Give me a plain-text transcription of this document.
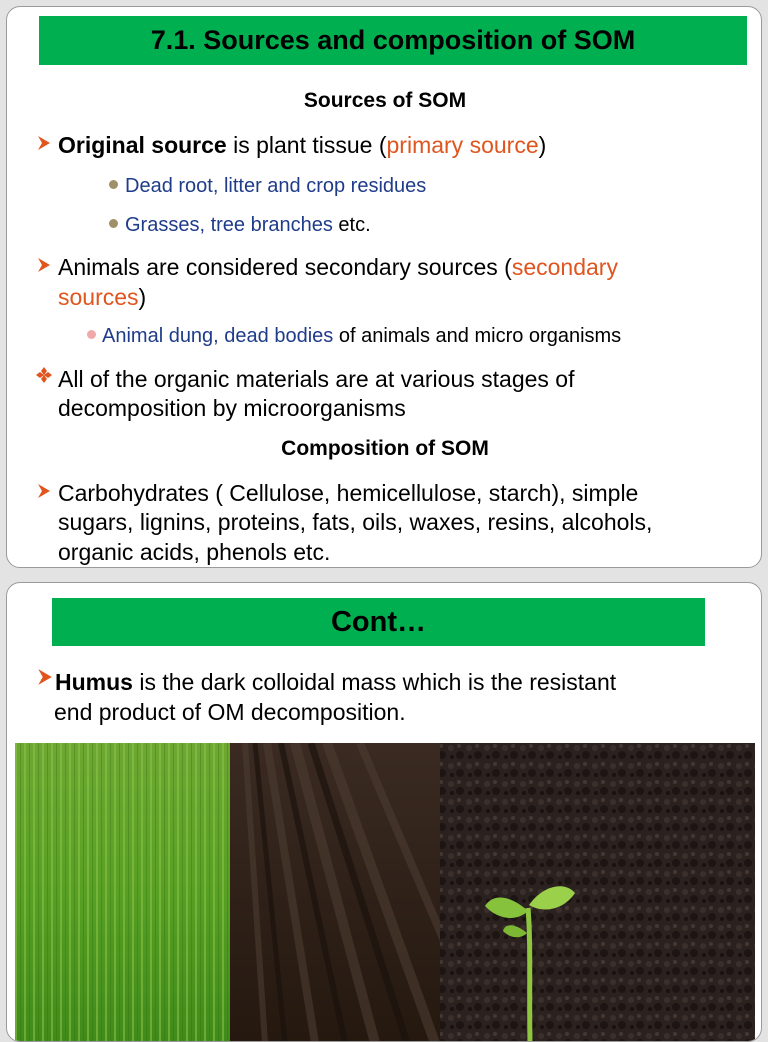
7.1. Sources and composition of SOM
Sources of SOM
Original source is plant tissue (primary source)
Dead root, litter and crop residues
Grasses, tree branches etc.
Animals are considered secondary sources (secondary
sources)
Animal dung, dead bodies of animals and micro organisms
All of the organic materials are at various stages of
decomposition by microorganisms
Composition of SOM
Carbohydrates ( Cellulose, hemicellulose, starch), simple
sugars, lignins, proteins, fats, oils, waxes, resins, alcohols,
organic acids, phenols etc.
Cont…
Humus is the dark colloidal mass which is the resistant
end product of OM decomposition.
